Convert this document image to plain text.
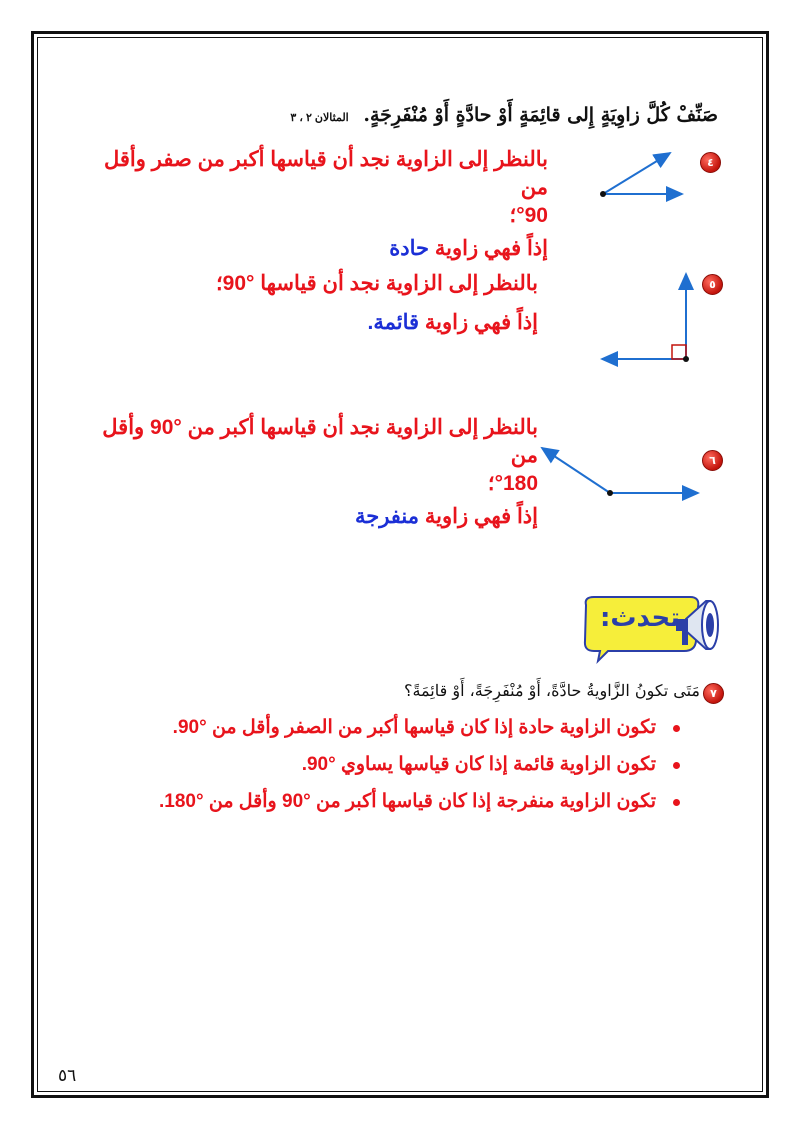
صَنِّفْ كُلَّ زاوِيَةٍ إِلى قائِمَةٍ أَوْ حادَّةٍ أَوْ مُنْفَرِجَةٍ. المثالان ٢ ، ٣
٤
بالنظر إلى الزاوية نجد أن قياسها أكبر من صفر وأقل من
°90؛
إذاً فهي زاوية حادة
٥
بالنظر إلى الزاوية نجد أن قياسها °90؛
إذاً فهي زاوية قائمة.
٦
بالنظر إلى الزاوية نجد أن قياسها أكبر من °90 وأقل من
°180؛
إذاً فهي زاوية منفرجة
تحدث:
٧
مَتَى تكونُ الزَّاويةُ حادَّةً، أَوْ مُنْفَرِجَةً، أَوْ قائِمَةً؟
تكون الزاوية حادة إذا كان قياسها أكبر من الصفر وأقل من °90.
تكون الزاوية قائمة إذا كان قياسها يساوي °90.
تكون الزاوية منفرجة إذا كان قياسها أكبر من °90 وأقل من °180.
٥٦
